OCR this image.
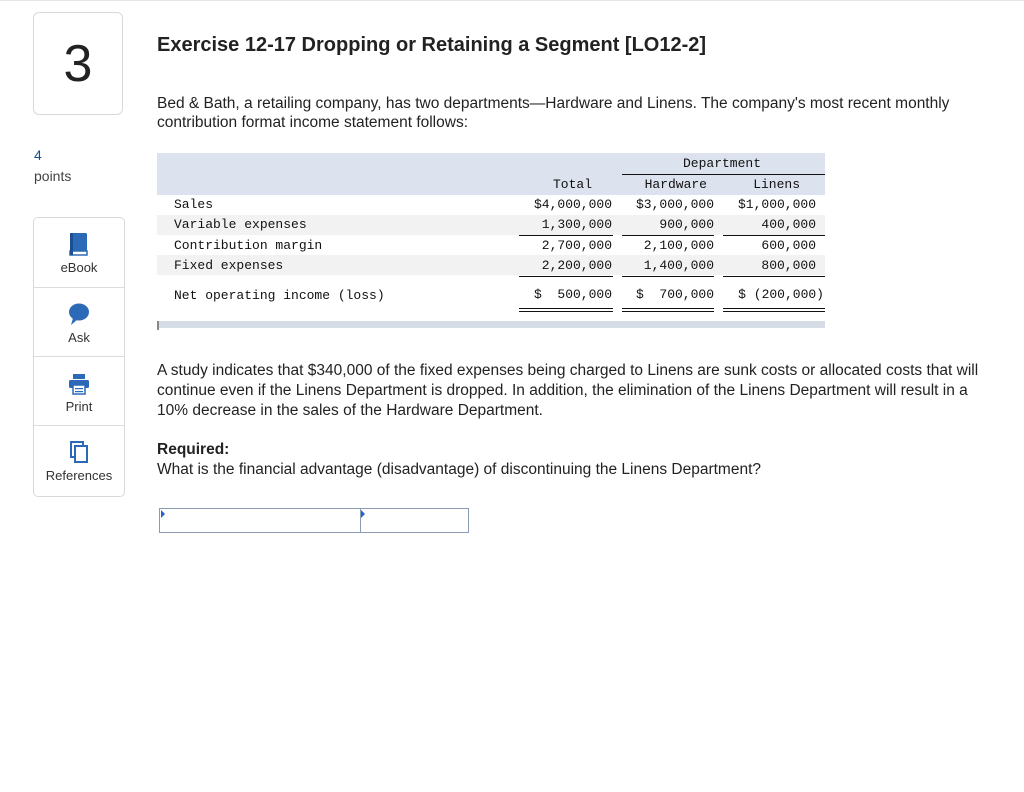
3
4
points
eBook
Ask
Print
References
Exercise 12-17 Dropping or Retaining a Segment [LO12-2]
Bed & Bath, a retailing company, has two departments—Hardware and Linens. The company's most recent monthly contribution format income statement follows:
Department
Total	Hardware	Linens
Sales	$4,000,000	$3,000,000	$1,000,000
Variable expenses	1,300,000	900,000	400,000
Contribution margin	2,700,000	2,100,000	600,000
Fixed expenses	2,200,000	1,400,000	800,000
Net operating income (loss)	$  500,000	$  700,000	$ (200,000)
A study indicates that $340,000 of the fixed expenses being charged to Linens are sunk costs or allocated costs that will continue even if the Linens Department is dropped. In addition, the elimination of the Linens Department will result in a 10% decrease in the sales of the Hardware Department.
Required:
What is the financial advantage (disadvantage) of discontinuing the Linens Department?
